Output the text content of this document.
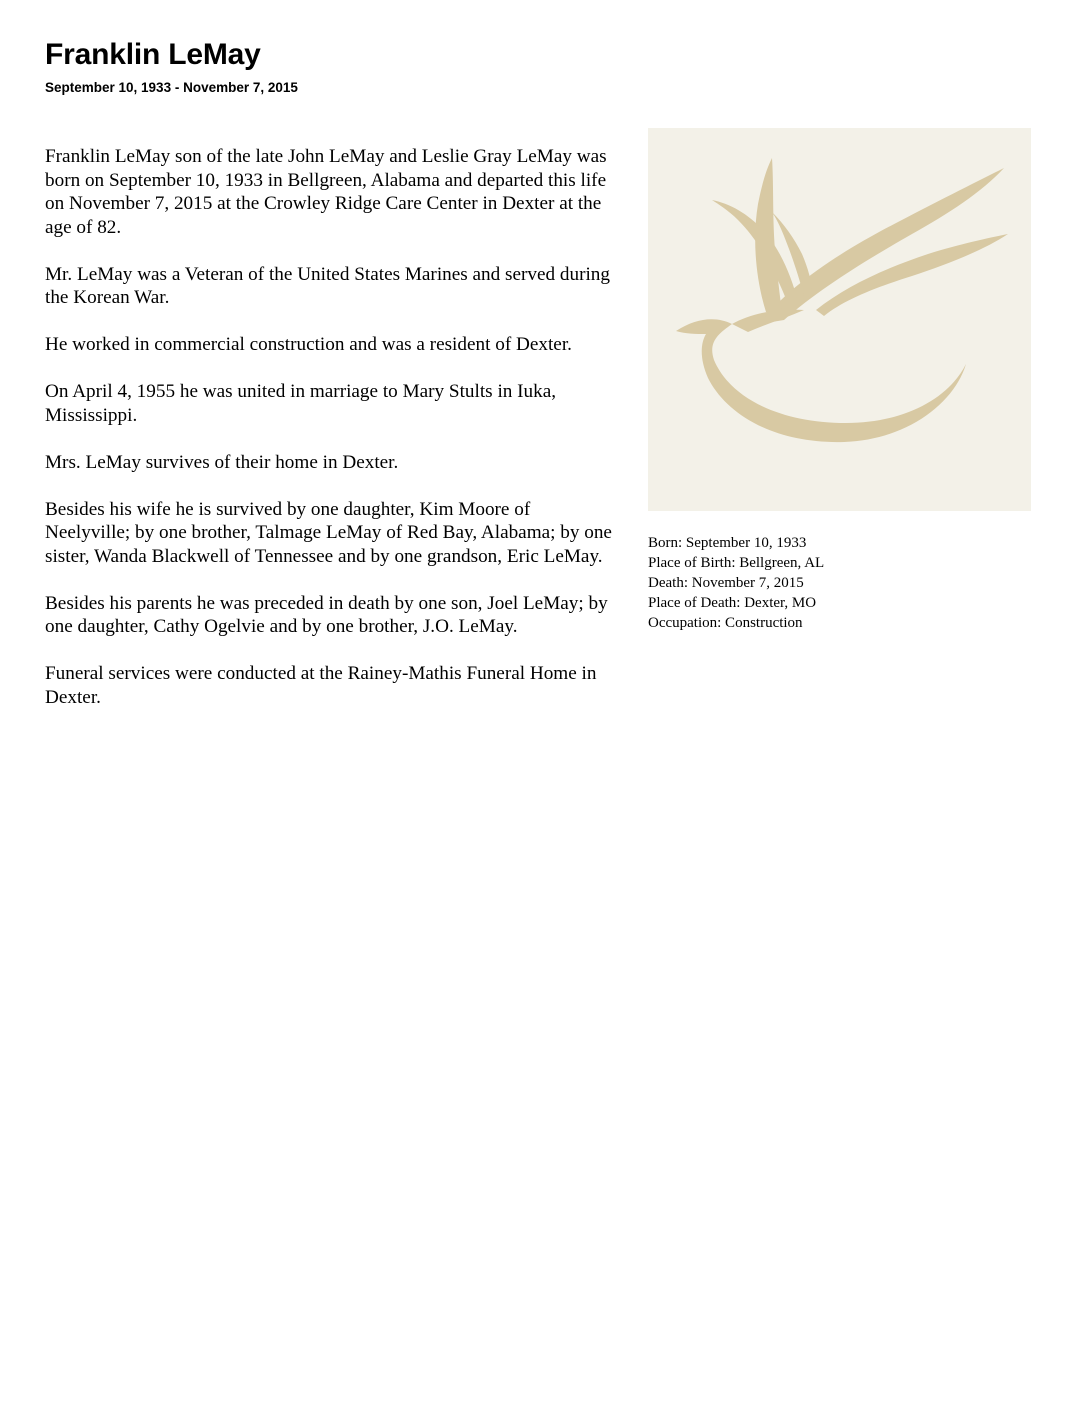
Franklin LeMay
September 10, 1933 - November 7, 2015

Franklin LeMay son of the late John LeMay and Leslie Gray LeMay was born on September 10, 1933 in Bellgreen, Alabama and departed this life on November 7, 2015 at the Crowley Ridge Care Center in Dexter at the age of 82.

Mr. LeMay was a Veteran of the United States Marines and served during the Korean War.

He worked in commercial construction and was a resident of Dexter.

On April 4, 1955 he was united in marriage to Mary Stults in Iuka, Mississippi.

Mrs. LeMay survives of their home in Dexter.

Besides his wife he is survived by one daughter, Kim Moore of Neelyville; by one brother, Talmage LeMay of Red Bay, Alabama; by one sister, Wanda Blackwell of Tennessee and by one grandson, Eric LeMay.

Besides his parents he was preceded in death by one son, Joel LeMay; by one daughter, Cathy Ogelvie and by one brother, J.O. LeMay.

Funeral services were conducted at the Rainey-Mathis Funeral Home in Dexter.

Born: September 10, 1933
Place of Birth: Bellgreen, AL
Death: November 7, 2015
Place of Death: Dexter, MO
Occupation: Construction
